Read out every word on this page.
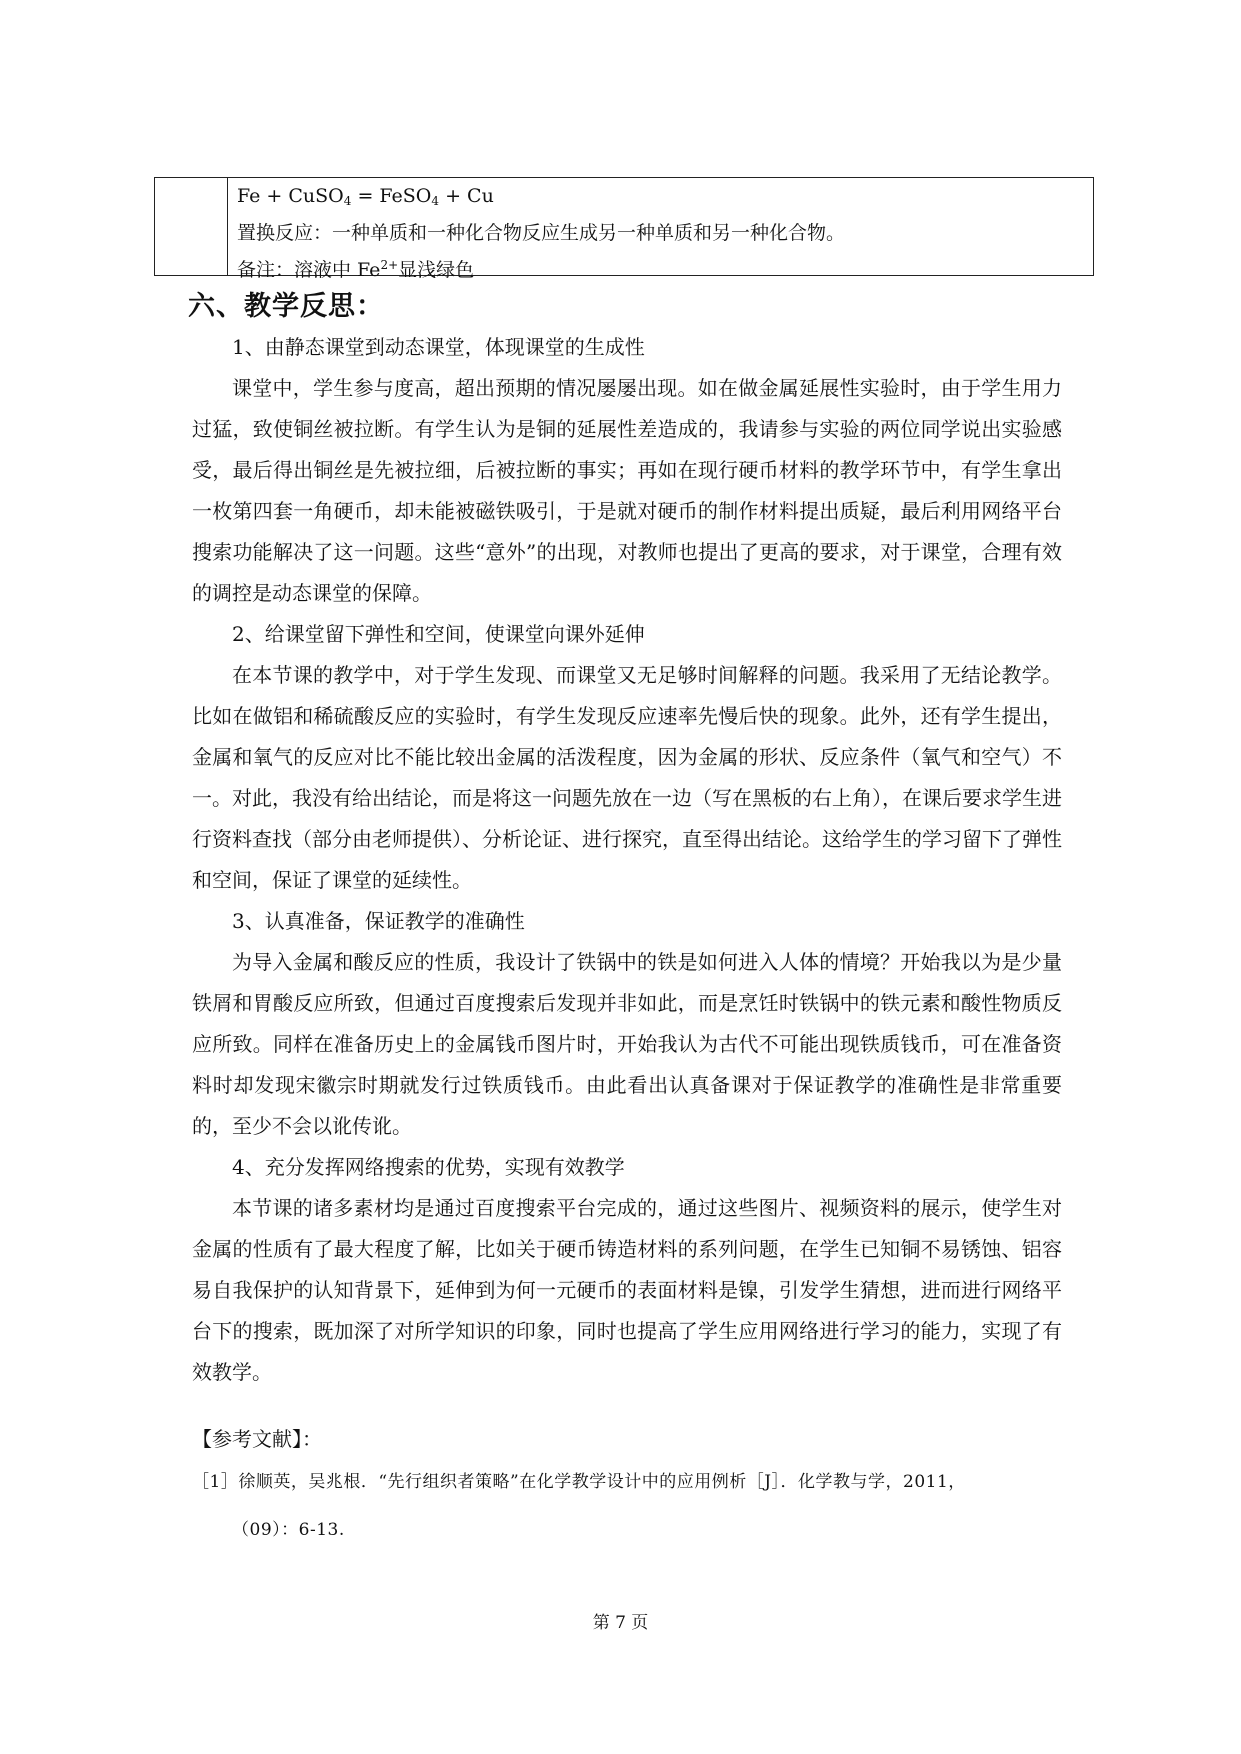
Fe + CuSO$_4$ = FeSO$_4$ + Cu
置换反应：一种单质和一种化合物反应生成另一种单质和另一种化合物。
备注：溶液中 $Fe^{2+}$显浅绿色
六、教学反思：

1、由静态课堂到动态课堂，体现课堂的生成性

课堂中，学生参与度高，超出预期的情况屡屡出现。如在做金属延展性实验时，由于学生用力过猛，致使铜丝被拉断。有学生认为是铜的延展性差造成的，我请参与实验的两位同学说出实验感受，最后得出铜丝是先被拉细，后被拉断的事实；再如在现行硬币材料的教学环节中，有学生拿出一枚第四套一角硬币，却未能被磁铁吸引，于是就对硬币的制作材料提出质疑，最后利用网络平台搜索功能解决了这一问题。这些“意外”的出现，对教师也提出了更高的要求，对于课堂，合理有效的调控是动态课堂的保障。

2、给课堂留下弹性和空间，使课堂向课外延伸

在本节课的教学中，对于学生发现、而课堂又无足够时间解释的问题。我采用了无结论教学。比如在做铝和稀硫酸反应的实验时，有学生发现反应速率先慢后快的现象。此外，还有学生提出，金属和氧气的反应对比不能比较出金属的活泼程度，因为金属的形状、反应条件（氧气和空气）不一。对此，我没有给出结论，而是将这一问题先放在一边（写在黑板的右上角），在课后要求学生进行资料查找（部分由老师提供）、分析论证、进行探究，直至得出结论。这给学生的学习留下了弹性和空间，保证了课堂的延续性。

3、认真准备，保证教学的准确性

为导入金属和酸反应的性质，我设计了铁锅中的铁是如何进入人体的情境？开始我以为是少量铁屑和胃酸反应所致，但通过百度搜索后发现并非如此，而是烹饪时铁锅中的铁元素和酸性物质反应所致。同样在准备历史上的金属钱币图片时，开始我认为古代不可能出现铁质钱币，可在准备资料时却发现宋徽宗时期就发行过铁质钱币。由此看出认真备课对于保证教学的准确性是非常重要的，至少不会以讹传讹。

4、充分发挥网络搜索的优势，实现有效教学

本节课的诸多素材均是通过百度搜索平台完成的，通过这些图片、视频资料的展示，使学生对金属的性质有了最大程度了解，比如关于硬币铸造材料的系列问题，在学生已知铜不易锈蚀、铝容易自我保护的认知背景下，延伸到为何一元硬币的表面材料是镍，引发学生猜想，进而进行网络平台下的搜索，既加深了对所学知识的印象，同时也提高了学生应用网络进行学习的能力，实现了有效教学。

【参考文献】：
［1］徐顺英，吴兆根．“先行组织者策略”在化学教学设计中的应用例析［J］．化学教与学，2011，
（09）：6-13.
第 7 页
